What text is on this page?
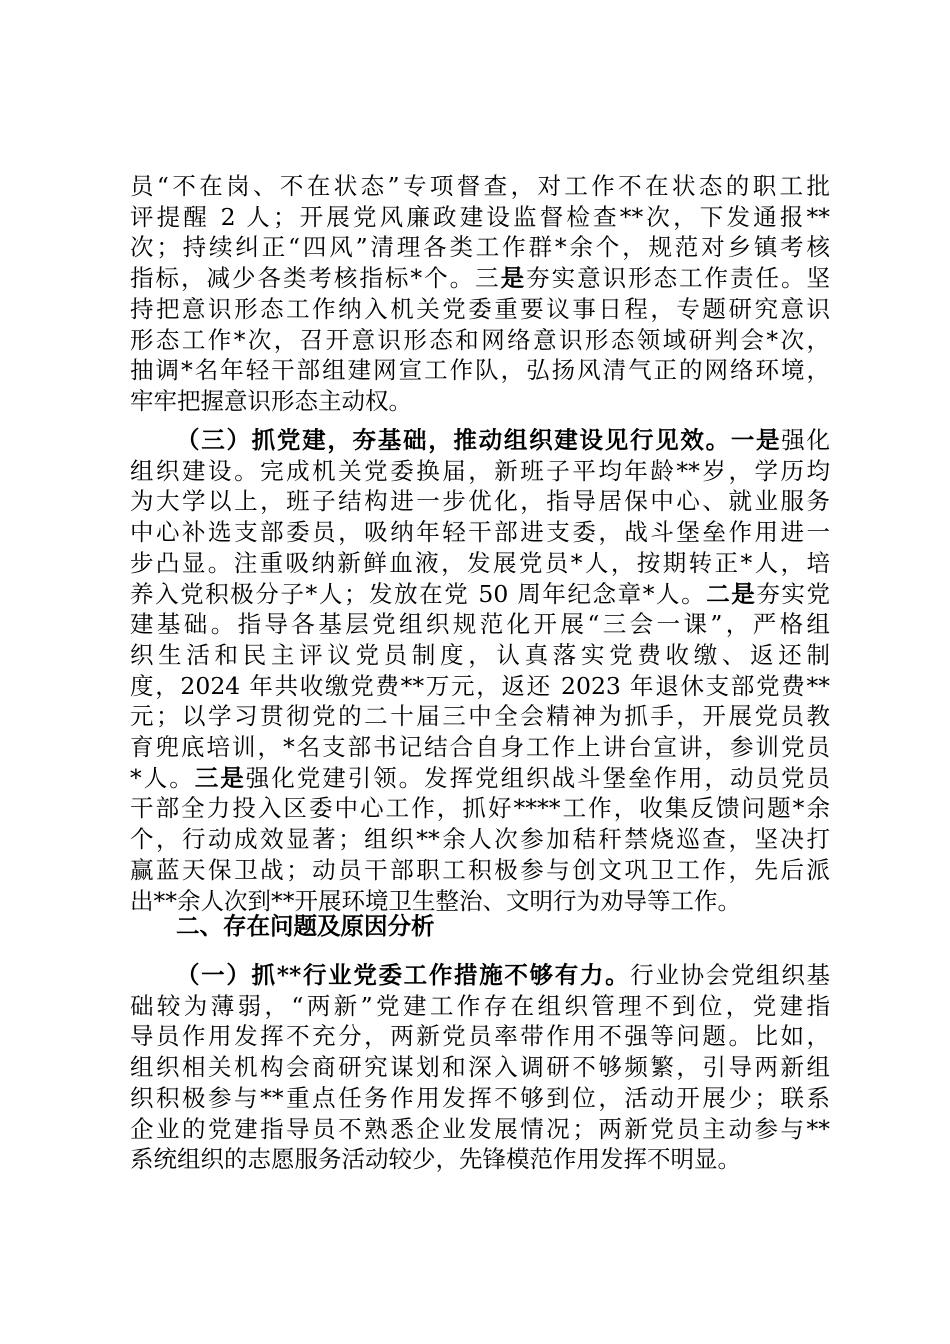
员“不在岗、不在状态”专项督查，对工作不在状态的职工批
评提醒 2 人；开展党风廉政建设监督检查**次，下发通报**
次；持续纠正“四风”清理各类工作群*余个，规范对乡镇考核
指标，减少各类考核指标*个。三是夯实意识形态工作责任。坚
持把意识形态工作纳入机关党委重要议事日程，专题研究意识
形态工作*次，召开意识形态和网络意识形态领域研判会*次，
抽调*名年轻干部组建网宣工作队，弘扬风清气正的网络环境，
牢牢把握意识形态主动权。
（三）抓党建，夯基础，推动组织建设见行见效。一是强化
组织建设。完成机关党委换届，新班子平均年龄**岁，学历均
为大学以上，班子结构进一步优化，指导居保中心、就业服务
中心补选支部委员，吸纳年轻干部进支委，战斗堡垒作用进一
步凸显。注重吸纳新鲜血液，发展党员*人，按期转正*人，培
养入党积极分子*人；发放在党 50 周年纪念章*人。二是夯实党
建基础。指导各基层党组织规范化开展“三会一课”，严格组
织生活和民主评议党员制度，认真落实党费收缴、返还制
度，2024 年共收缴党费**万元，返还 2023 年退休支部党费**
元；以学习贯彻党的二十届三中全会精神为抓手，开展党员教
育兜底培训，*名支部书记结合自身工作上讲台宣讲，参训党员
*人。三是强化党建引领。发挥党组织战斗堡垒作用，动员党员
干部全力投入区委中心工作，抓好****工作，收集反馈问题*余
个，行动成效显著；组织**余人次参加秸秆禁烧巡查，坚决打
赢蓝天保卫战；动员干部职工积极参与创文巩卫工作，先后派
出**余人次到**开展环境卫生整治、文明行为劝导等工作。
二、存在问题及原因分析
（一）抓**行业党委工作措施不够有力。行业协会党组织基
础较为薄弱，“两新”党建工作存在组织管理不到位，党建指
导员作用发挥不充分，两新党员率带作用不强等问题。比如，
组织相关机构会商研究谋划和深入调研不够频繁，引导两新组
织积极参与**重点任务作用发挥不够到位，活动开展少；联系
企业的党建指导员不熟悉企业发展情况；两新党员主动参与**
系统组织的志愿服务活动较少，先锋模范作用发挥不明显。
